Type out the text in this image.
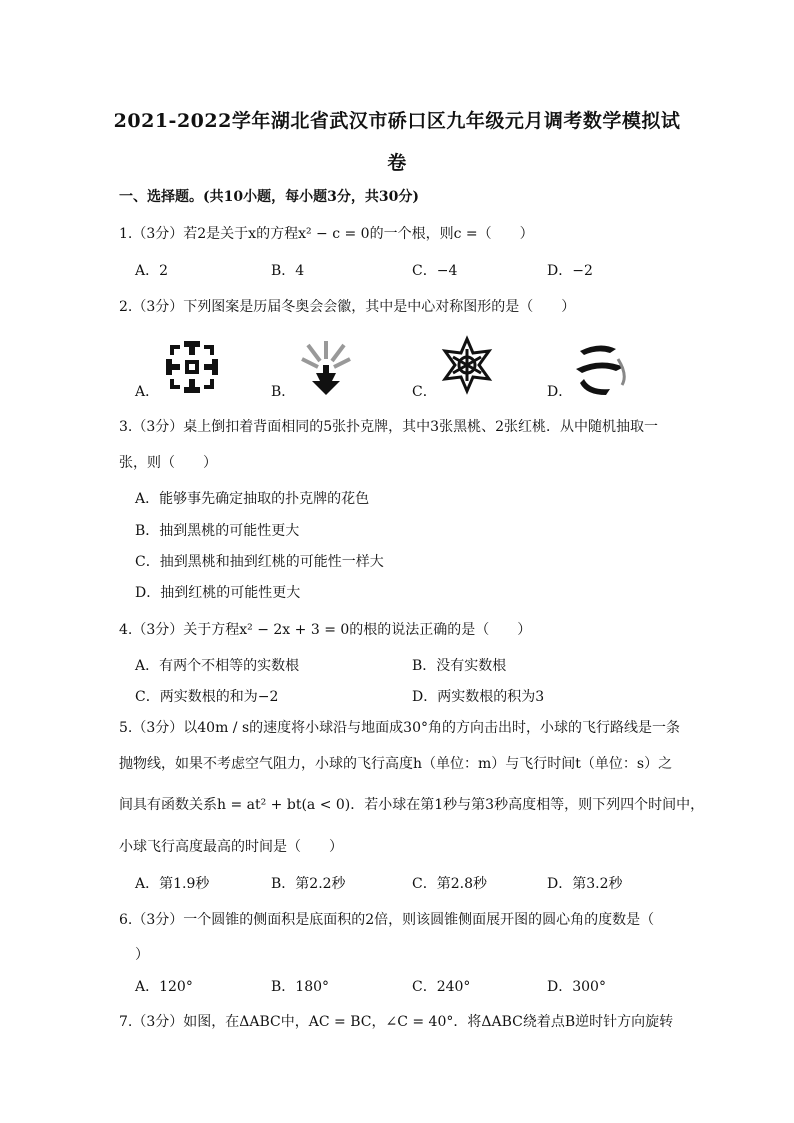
2021-2022学年湖北省武汉市硚口区九年级元月调考数学模拟试
卷
一、选择题。(共10小题，每小题3分，共30分)
1.（3分）若2是关于x的方程x² − c = 0的一个根，则c =（　　）
A．2	B．4	C．−4	D．−2
2.（3分）下列图案是历届冬奥会会徽，其中是中心对称图形的是（　　）
A．	B．	C．	D．
3.（3分）桌上倒扣着背面相同的5张扑克牌，其中3张黑桃、2张红桃．从中随机抽取一
张，则（　　）
A．能够事先确定抽取的扑克牌的花色
B．抽到黑桃的可能性更大
C．抽到黑桃和抽到红桃的可能性一样大
D．抽到红桃的可能性更大
4.（3分）关于方程x² − 2x + 3 = 0的根的说法正确的是（　　）
A．有两个不相等的实数根	B．没有实数根
C．两实数根的和为−2	D．两实数根的积为3
5.（3分）以40m / s的速度将小球沿与地面成30°角的方向击出时，小球的飞行路线是一条
抛物线，如果不考虑空气阻力，小球的飞行高度h（单位：m）与飞行时间t（单位：s）之
间具有函数关系h = at² + bt(a < 0)．若小球在第1秒与第3秒高度相等，则下列四个时间中，
小球飞行高度最高的时间是（　　）
A．第1.9秒	B．第2.2秒	C．第2.8秒	D．第3.2秒
6.（3分）一个圆锥的侧面积是底面积的2倍，则该圆锥侧面展开图的圆心角的度数是（
）
A．120°	B．180°	C．240°	D．300°
7.（3分）如图，在ΔABC中，AC = BC，∠C = 40°．将ΔABC绕着点B逆时针方向旋转
